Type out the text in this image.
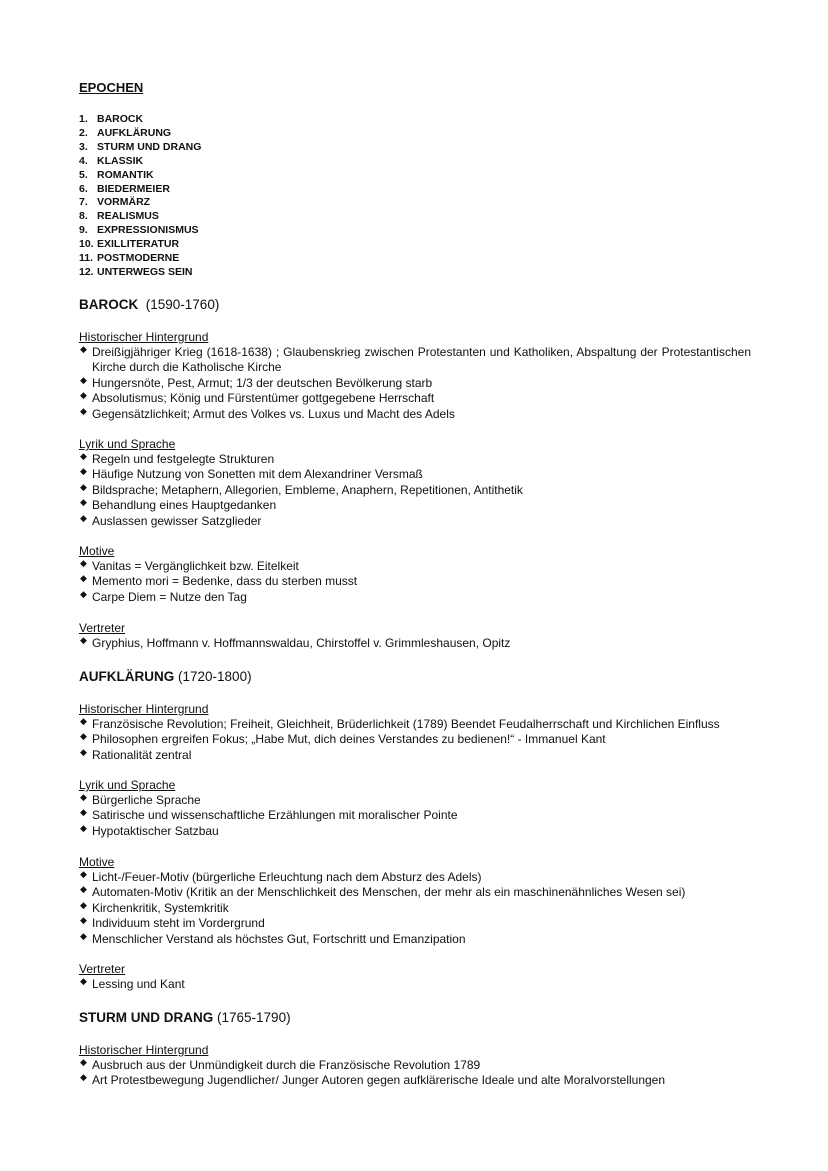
EPOCHEN
1. BAROCK
2. AUFKLÄRUNG
3. STURM UND DRANG
4. KLASSIK
5. ROMANTIK
6. BIEDERMEIER
7. VORMÄRZ
8. REALISMUS
9. EXPRESSIONISMUS
10. EXILLITERATUR
11. POSTMODERNE
12. UNTERWEGS SEIN
BAROCK (1590-1760)
Historischer Hintergrund
◆ Dreißigjähriger Krieg (1618-1638) ; Glaubenskrieg zwischen Protestanten und Katholiken, Abspaltung der Protestantischen Kirche durch die Katholische Kirche
◆ Hungersnöte, Pest, Armut; 1/3 der deutschen Bevölkerung starb
◆ Absolutismus; König und Fürstentümer gottgegebene Herrschaft
◆ Gegensätzlichkeit; Armut des Volkes vs. Luxus und Macht des Adels
Lyrik und Sprache
◆ Regeln und festgelegte Strukturen
◆ Häufige Nutzung von Sonetten mit dem Alexandriner Versmaß
◆ Bildsprache; Metaphern, Allegorien, Embleme, Anaphern, Repetitionen, Antithetik
◆ Behandlung eines Hauptgedanken
◆ Auslassen gewisser Satzglieder
Motive
◆ Vanitas = Vergänglichkeit bzw. Eitelkeit
◆ Memento mori = Bedenke, dass du sterben musst
◆ Carpe Diem = Nutze den Tag
Vertreter
◆ Gryphius, Hoffmann v. Hoffmannswaldau, Chirstoffel v. Grimmleshausen, Opitz
AUFKLÄRUNG (1720-1800)
Historischer Hintergrund
◆ Französische Revolution; Freiheit, Gleichheit, Brüderlichkeit (1789) Beendet Feudalherrschaft und Kirchlichen Einfluss
◆ Philosophen ergreifen Fokus; „Habe Mut, dich deines Verstandes zu bedienen!“ - Immanuel Kant
◆ Rationalität zentral
Lyrik und Sprache
◆ Bürgerliche Sprache
◆ Satirische und wissenschaftliche Erzählungen mit moralischer Pointe
◆ Hypotaktischer Satzbau
Motive
◆ Licht-/Feuer-Motiv (bürgerliche Erleuchtung nach dem Absturz des Adels)
◆ Automaten-Motiv (Kritik an der Menschlichkeit des Menschen, der mehr als ein maschinenähnliches Wesen sei)
◆ Kirchenkritik, Systemkritik
◆ Individuum steht im Vordergrund
◆ Menschlicher Verstand als höchstes Gut, Fortschritt und Emanzipation
Vertreter
◆ Lessing und Kant
STURM UND DRANG (1765-1790)
Historischer Hintergrund
◆ Ausbruch aus der Unmündigkeit durch die Französische Revolution 1789
◆ Art Protestbewegung Jugendlicher/ Junger Autoren gegen aufklärerische Ideale und alte Moralvorstellungen
